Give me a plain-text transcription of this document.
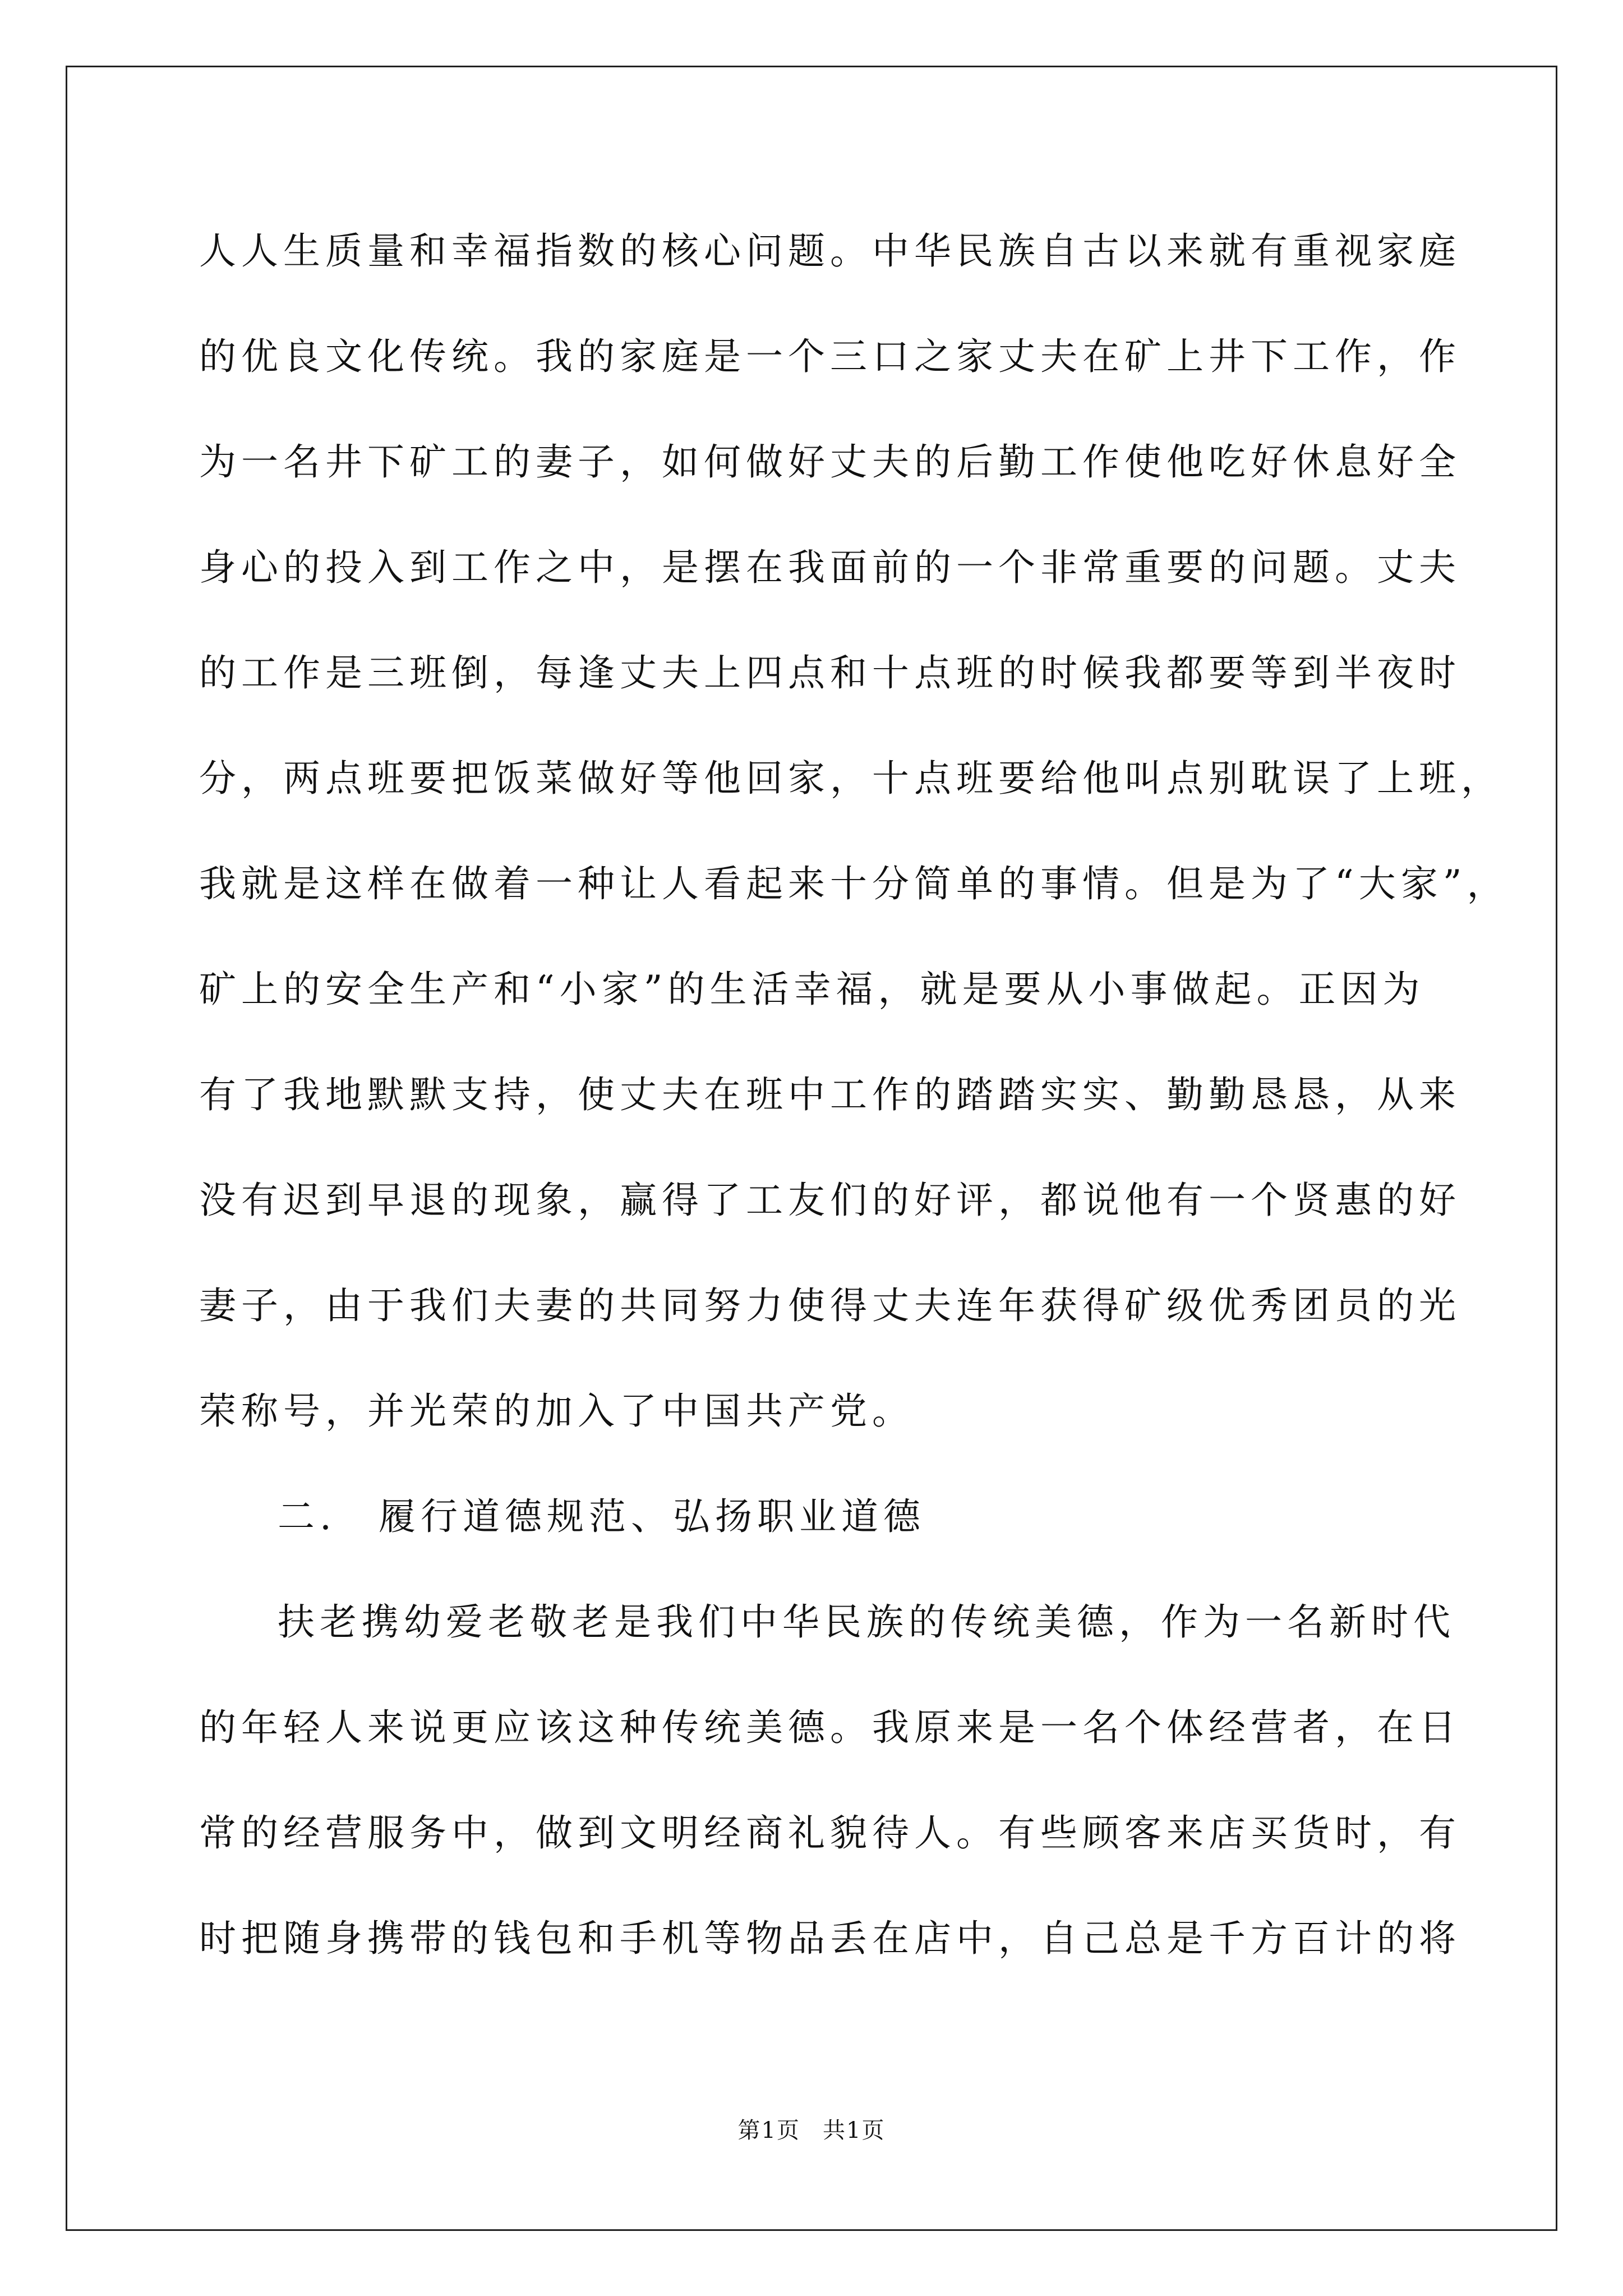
人人生质量和幸福指数的核心问题。中华民族自古以来就有重视家庭
的优良文化传统。我的家庭是一个三口之家丈夫在矿上井下工作，作
为一名井下矿工的妻子，如何做好丈夫的后勤工作使他吃好休息好全
身心的投入到工作之中，是摆在我面前的一个非常重要的问题。丈夫
的工作是三班倒，每逢丈夫上四点和十点班的时候我都要等到半夜时
分，两点班要把饭菜做好等他回家，十点班要给他叫点别耽误了上班，
我就是这样在做着一种让人看起来十分简单的事情。但是为了“大家”，
矿上的安全生产和“小家”的生活幸福，就是要从小事做起。正因为
有了我地默默支持，使丈夫在班中工作的踏踏实实、勤勤恳恳，从来
没有迟到早退的现象，赢得了工友们的好评，都说他有一个贤惠的好
妻子，由于我们夫妻的共同努力使得丈夫连年获得矿级优秀团员的光
荣称号，并光荣的加入了中国共产党。
二. 履行道德规范、弘扬职业道德
扶老携幼爱老敬老是我们中华民族的传统美德，作为一名新时代
的年轻人来说更应该这种传统美德。我原来是一名个体经营者，在日
常的经营服务中，做到文明经商礼貌待人。有些顾客来店买货时，有
时把随身携带的钱包和手机等物品丢在店中，自己总是千方百计的将
第1页 共1页
